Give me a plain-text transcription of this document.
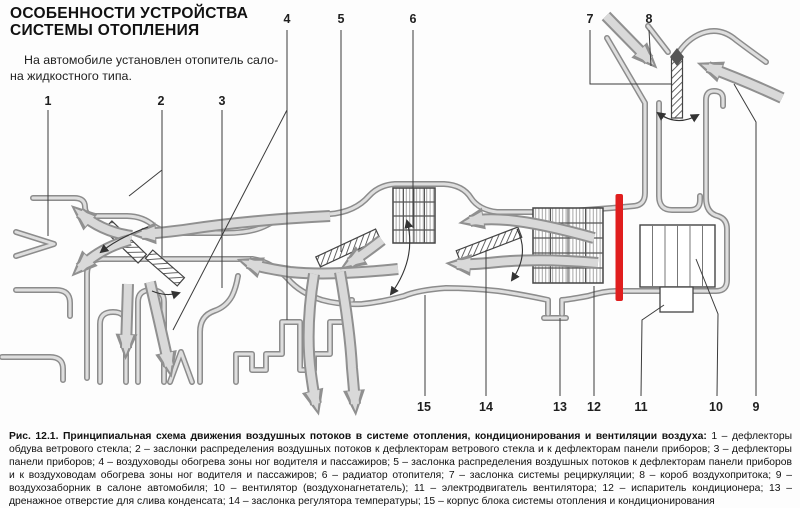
ОСОБЕННОСТИ УСТРОЙСТВА
СИСТЕМЫ ОТОПЛЕНИЯ
На автомобиле установлен отопитель сало-
на жидкостного типа.
1	2	3
4	5	6	7	8
9
10
11
12
13
14
15
Рис. 12.1. Принципиальная схема движения воздушных потоков в системе отопления, кондиционирования и вентиляции воздуха: 1 – дефлекторы обдува ветрового стекла; 2 – заслонки распределения воздушных потоков к дефлекторам ветрового стекла и к дефлекторам панели приборов; 3 – дефлекторы панели приборов; 4 – воздуховоды обогрева зоны ног водителя и пассажиров; 5 – заслонка распределения воздушных потоков к дефлекторам панели приборов и к воздуховодам обогрева зоны ног водителя и пассажиров; 6 – радиатор отопителя; 7 – заслонка системы рециркуляции; 8 – короб воздухопритока; 9 – воздухозаборник в салоне автомобиля; 10 – вентилятор (воздухонагнетатель); 11 – электродвигатель вентилятора; 12 – испаритель кондиционера; 13 – дренажное отверстие для слива конденсата; 14 – заслонка регулятора температуры; 15 – корпус блока системы отопления и кондиционирования
